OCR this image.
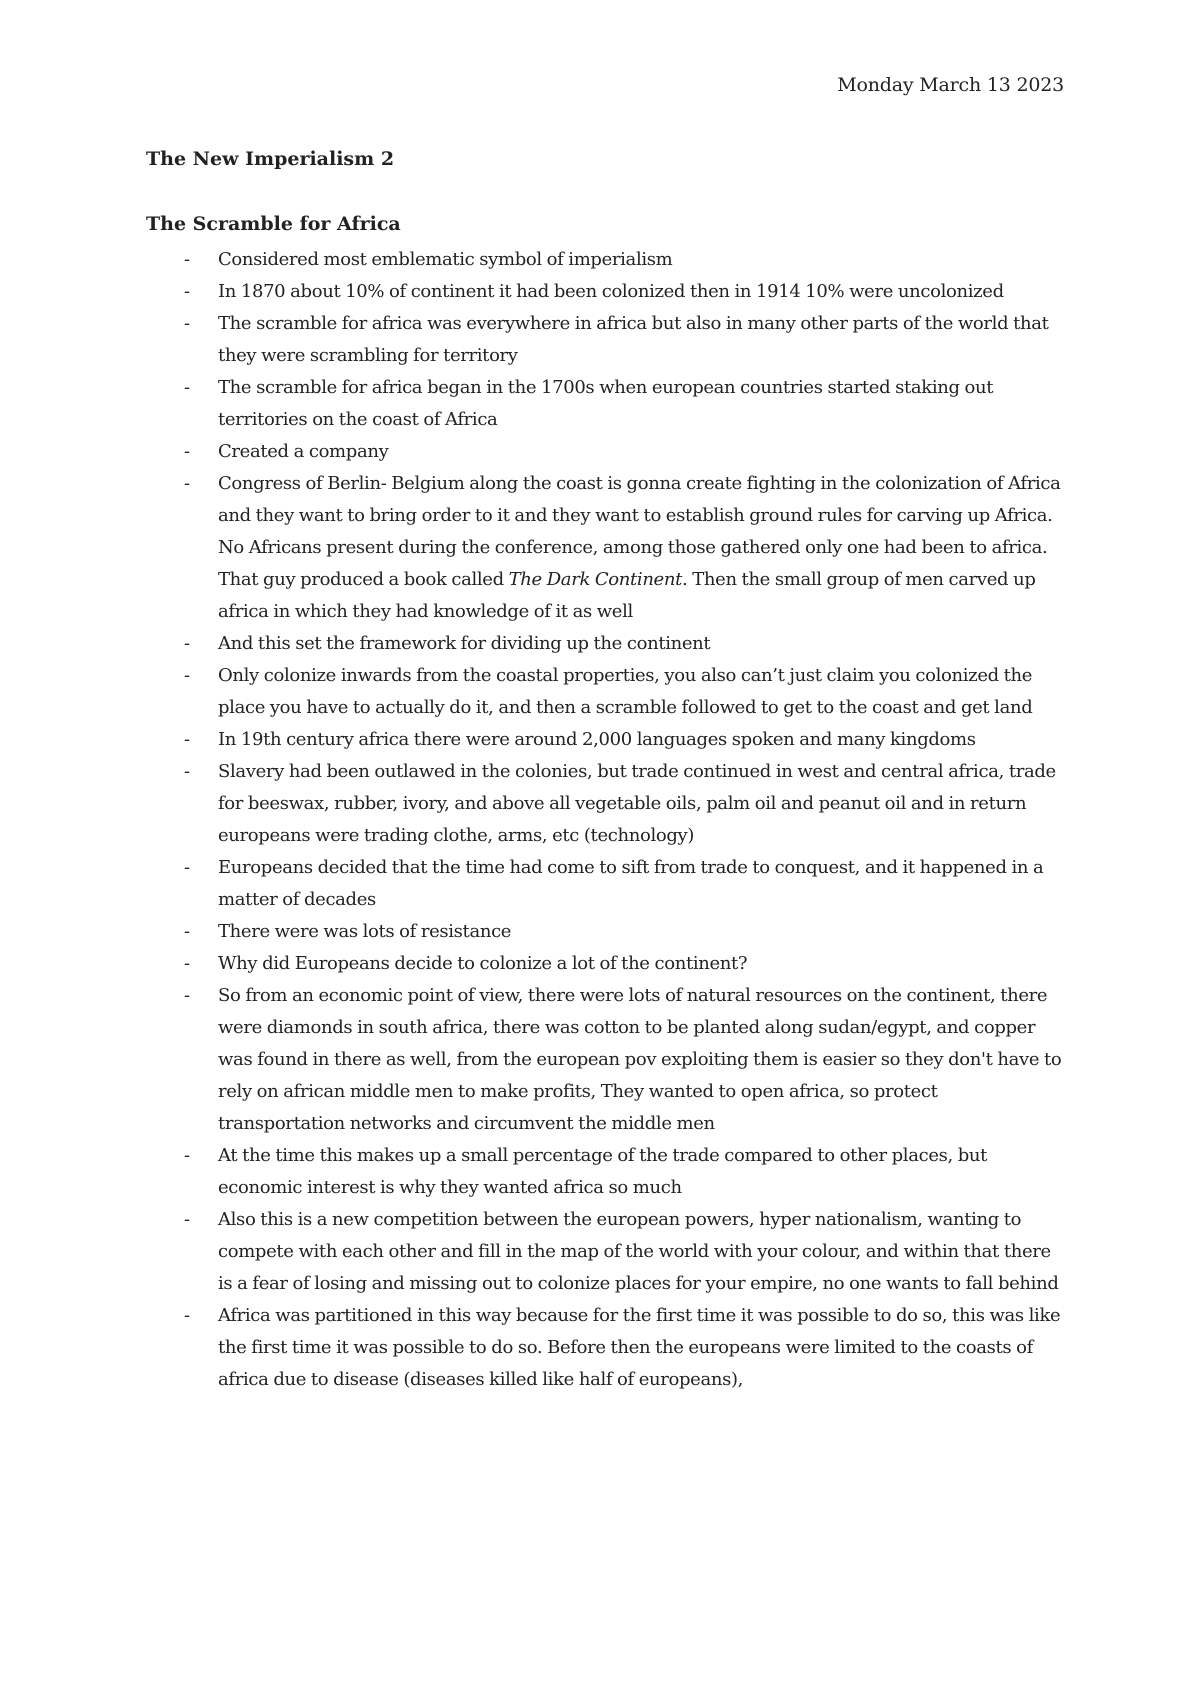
Monday March 13 2023
The New Imperialism 2
The Scramble for Africa
- Considered most emblematic symbol of imperialism
- In 1870 about 10% of continent it had been colonized then in 1914 10% were uncolonized
- The scramble for africa was everywhere in africa but also in many other parts of the world that they were scrambling for territory
- The scramble for africa began in the 1700s when european countries started staking out territories on the coast of Africa
- Created a company
- Congress of Berlin- Belgium along the coast is gonna create fighting in the colonization of Africa and they want to bring order to it and they want to establish ground rules for carving up Africa. No Africans present during the conference, among those gathered only one had been to africa. That guy produced a book called The Dark Continent. Then the small group of men carved up africa in which they had knowledge of it as well
- And this set the framework for dividing up the continent
- Only colonize inwards from the coastal properties, you also can’t just claim you colonized the place you have to actually do it, and then a scramble followed to get to the coast and get land
- In 19th century africa there were around 2,000 languages spoken and many kingdoms
- Slavery had been outlawed in the colonies, but trade continued in west and central africa, trade for beeswax, rubber, ivory, and above all vegetable oils, palm oil and peanut oil and in return europeans were trading clothe, arms, etc (technology)
- Europeans decided that the time had come to sift from trade to conquest, and it happened in a matter of decades
- There were was lots of resistance
- Why did Europeans decide to colonize a lot of the continent?
- So from an economic point of view, there were lots of natural resources on the continent, there were diamonds in south africa, there was cotton to be planted along sudan/egypt, and copper was found in there as well, from the european pov exploiting them is easier so they don't have to rely on african middle men to make profits, They wanted to open africa, so protect transportation networks and circumvent the middle men
- At the time this makes up a small percentage of the trade compared to other places, but economic interest is why they wanted africa so much
- Also this is a new competition between the european powers, hyper nationalism, wanting to compete with each other and fill in the map of the world with your colour, and within that there is a fear of losing and missing out to colonize places for your empire, no one wants to fall behind
- Africa was partitioned in this way because for the first time it was possible to do so, this was like the first time it was possible to do so. Before then the europeans were limited to the coasts of africa due to disease (diseases killed like half of europeans),
